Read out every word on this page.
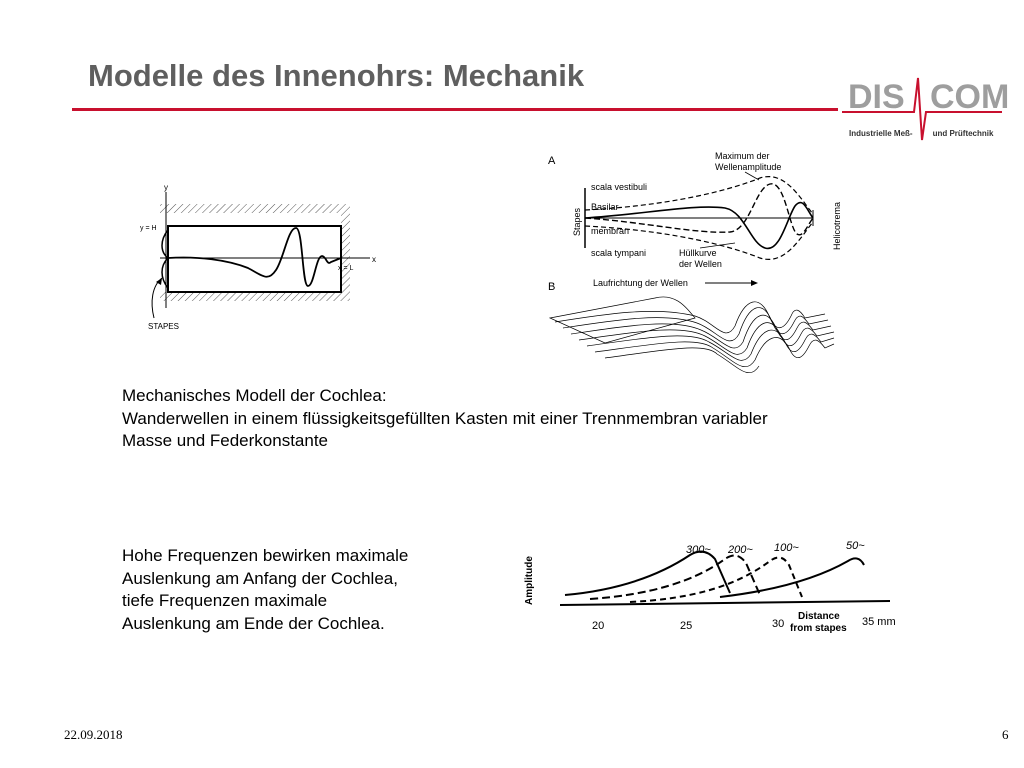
Modelle des Innenohrs: Mechanik
DIS COM
Industrielle Meß-	und Prüftechnik
y
x
y = H
x = L
STAPES
A	Maximum der
Wellenamplitude
scala vestibuli
Basilar-
membran
scala tympani	Hüllkurve
der Wellen
Stapes	Helicotrema
B	Laufrichtung der Wellen

Mechanisches Modell der Cochlea:
Wanderwellen in einem flüssigkeitsgefüllten Kasten mit einer Trennmembran variabler
Masse und Federkonstante

Hohe Frequenzen bewirken maximale
Auslenkung am Anfang der Cochlea,
tiefe Frequenzen maximale
Auslenkung am Ende der Cochlea.

Amplitude
300~ 200~ 100~	50~
20	25	30	35 mm
Distance
from stapes
22.09.2018	6
